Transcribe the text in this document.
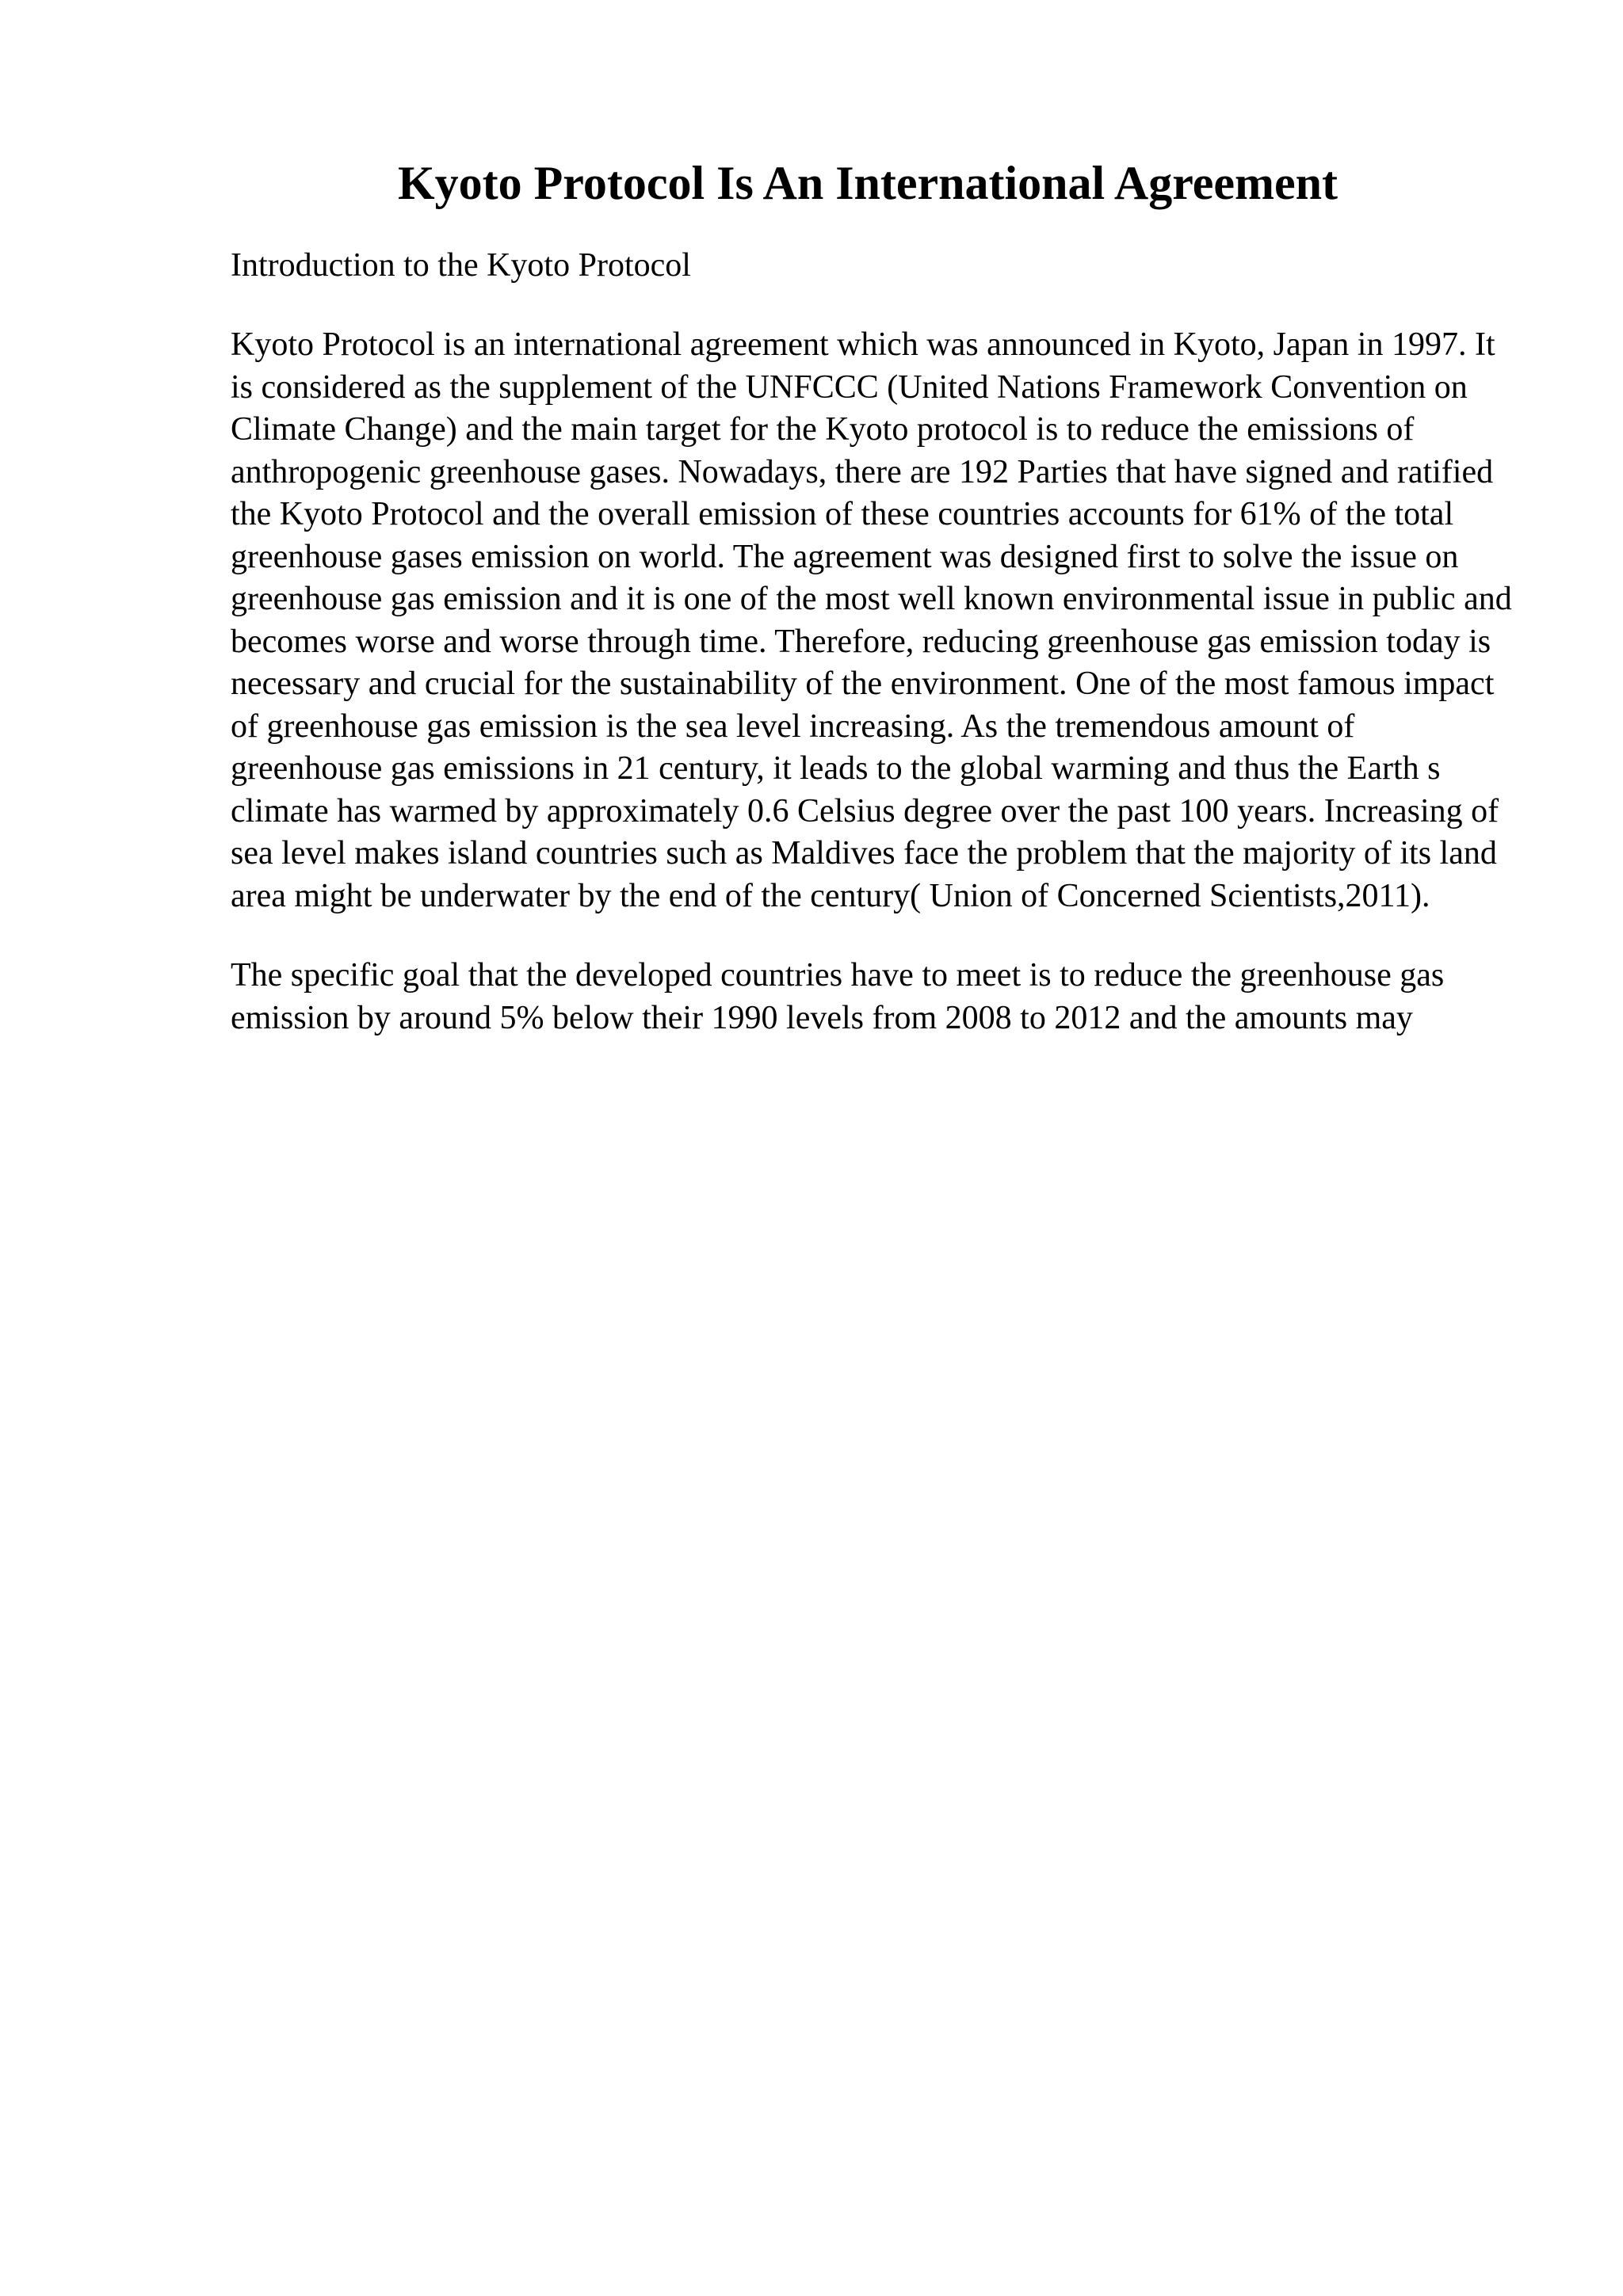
Kyoto Protocol Is An International Agreement

Introduction to the Kyoto Protocol

Kyoto Protocol is an international agreement which was announced in Kyoto, Japan in 1997. It is considered as the supplement of the UNFCCC (United Nations Framework Convention on Climate Change) and the main target for the Kyoto protocol is to reduce the emissions of anthropogenic greenhouse gases. Nowadays, there are 192 Parties that have signed and ratified the Kyoto Protocol and the overall emission of these countries accounts for 61% of the total greenhouse gases emission on world. The agreement was designed first to solve the issue on greenhouse gas emission and it is one of the most well known environmental issue in public and becomes worse and worse through time. Therefore, reducing greenhouse gas emission today is necessary and crucial for the sustainability of the environment. One of the most famous impact of greenhouse gas emission is the sea level increasing. As the tremendous amount of greenhouse gas emissions in 21 century, it leads to the global warming and thus the Earth s climate has warmed by approximately 0.6 Celsius degree over the past 100 years. Increasing of sea level makes island countries such as Maldives face the problem that the majority of its land area might be underwater by the end of the century( Union of Concerned Scientists,2011).

The specific goal that the developed countries have to meet is to reduce the greenhouse gas emission by around 5% below their 1990 levels from 2008 to 2012 and the amounts may
